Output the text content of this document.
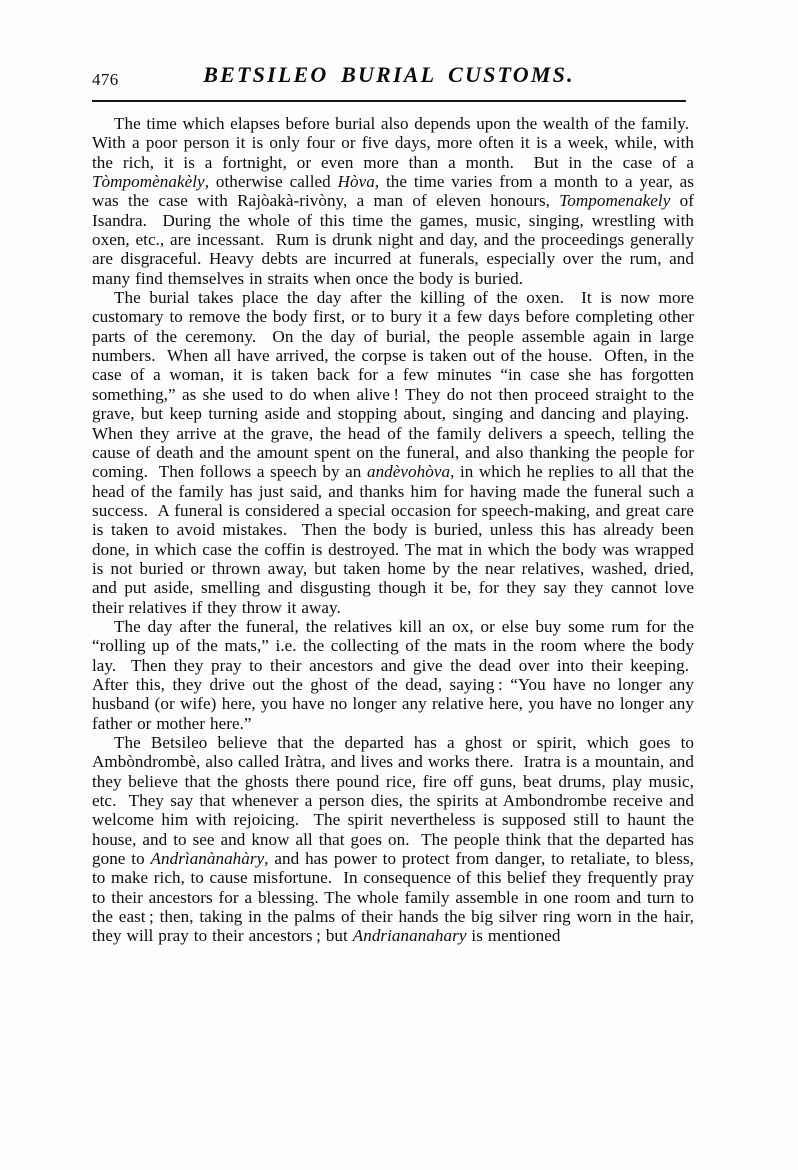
476	BETSILEO BURIAL CUSTOMS.

The time which elapses before burial also depends upon the wealth of the family.  With a poor person it is only four or five days, more often it is a week, while, with the rich, it is a fortnight, or even more than a month.  But in the case of a Tòmpomènakèly, otherwise called Hòva, the time varies from a month to a year, as was the case with Rajòakà-rivòny, a man of eleven honours, Tompomenakely of Isandra.  During the whole of this time the games, music, singing, wrestling with oxen, etc., are incessant.  Rum is drunk night and day, and the proceedings generally are disgraceful. Heavy debts are incurred at funerals, especially over the rum, and many find themselves in straits when once the body is buried.

The burial takes place the day after the killing of the oxen.  It is now more customary to remove the body first, or to bury it a few days before completing other parts of the ceremony.  On the day of burial, the people assemble again in large numbers.  When all have arrived, the corpse is taken out of the house.  Often, in the case of a woman, it is taken back for a few minutes “in case she has forgotten something,” as she used to do when alive ! They do not then proceed straight to the grave, but keep turning aside and stopping about, singing and dancing and playing.  When they arrive at the grave, the head of the family delivers a speech, telling the cause of death and the amount spent on the funeral, and also thanking the people for coming.  Then follows a speech by an andèvohòva, in which he replies to all that the head of the family has just said, and thanks him for having made the funeral such a success.  A funeral is considered a special occasion for speech-making, and great care is taken to avoid mistakes.  Then the body is buried, unless this has already been done, in which case the coffin is destroyed. The mat in which the body was wrapped is not buried or thrown away, but taken home by the near relatives, washed, dried, and put aside, smelling and disgusting though it be, for they say they cannot love their relatives if they throw it away.

The day after the funeral, the relatives kill an ox, or else buy some rum for the “rolling up of the mats,” i.e. the collecting of the mats in the room where the body lay.  Then they pray to their ancestors and give the dead over into their keeping.  After this, they drive out the ghost of the dead, saying : “You have no longer any husband (or wife) here, you have no longer any relative here, you have no longer any father or mother here.”

The Betsileo believe that the departed has a ghost or spirit, which goes to Ambòndrombè, also called Iràtra, and lives and works there.  Iratra is a mountain, and they believe that the ghosts there pound rice, fire off guns, beat drums, play music, etc.  They say that whenever a person dies, the spirits at Ambondrombe receive and welcome him with rejoicing.  The spirit nevertheless is supposed still to haunt the house, and to see and know all that goes on.  The people think that the departed has gone to Andrìanànahàry, and has power to protect from danger, to retaliate, to bless, to make rich, to cause misfortune.  In consequence of this belief they frequently pray to their ancestors for a blessing. The whole family assemble in one room and turn to the east ; then, taking in the palms of their hands the big silver ring worn in the hair, they will pray to their ancestors ; but Andriananahary is mentioned
